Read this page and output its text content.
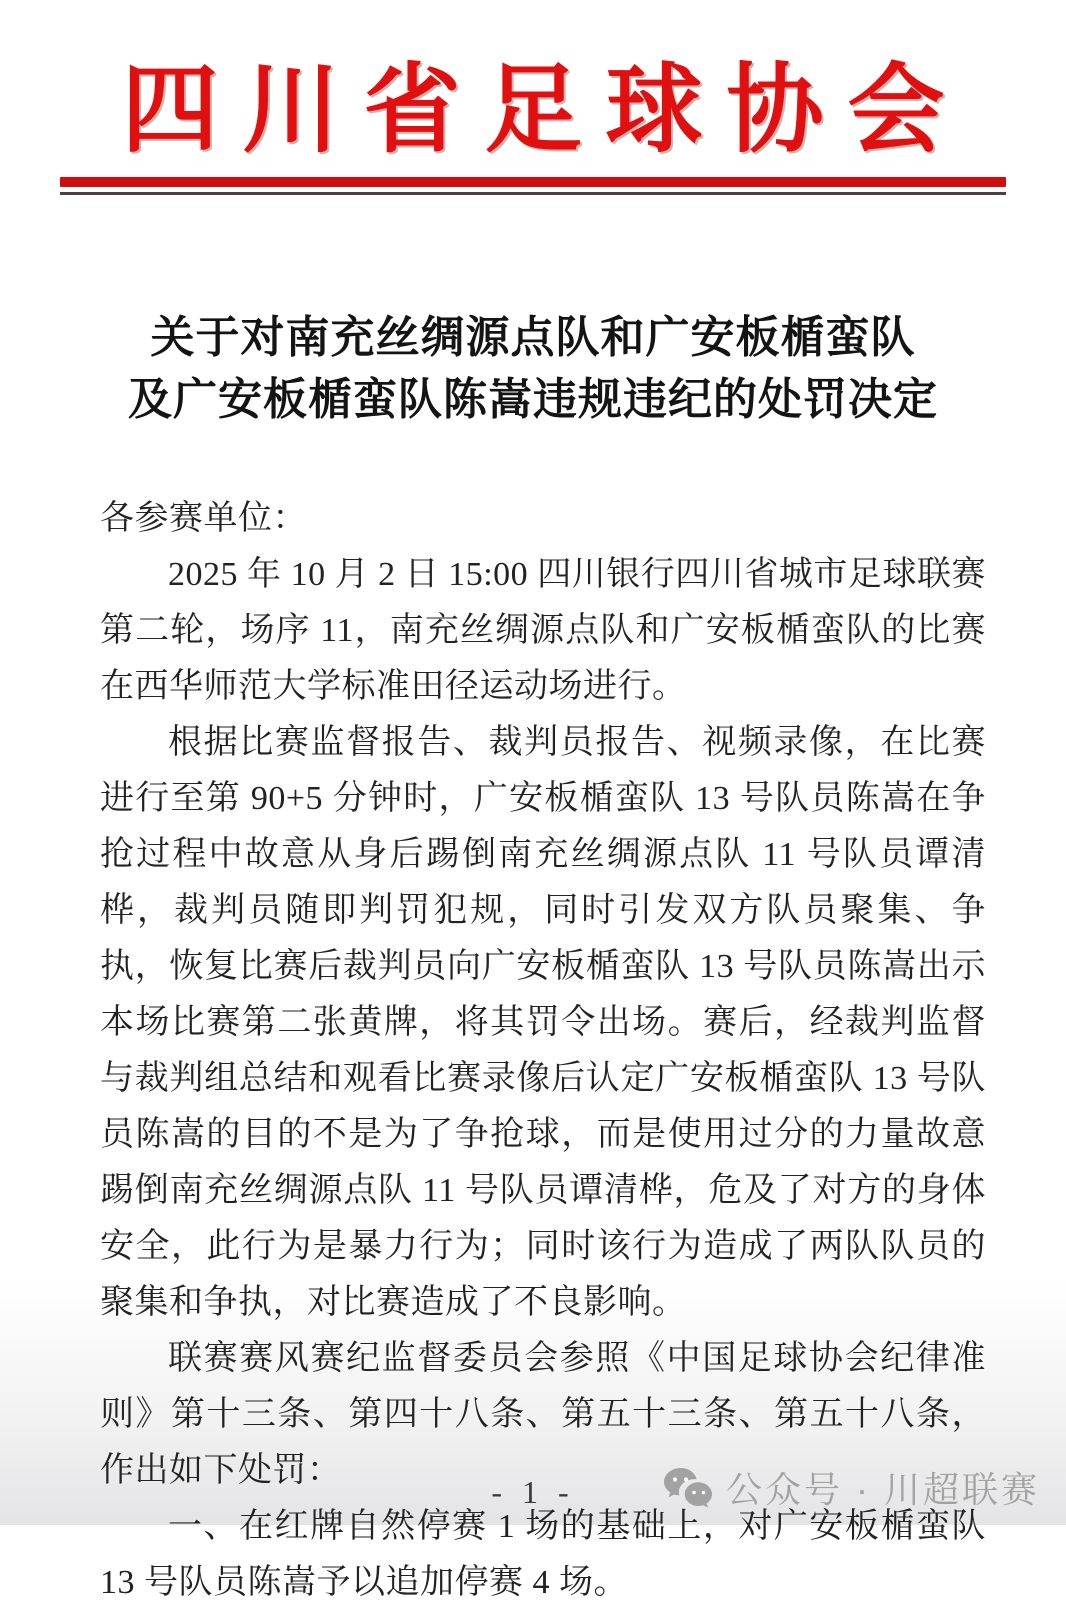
四川省足球协会
关于对南充丝绸源点队和广安板楯蛮队
及广安板楯蛮队陈嵩违规违纪的处罚决定

各参赛单位：

2025 年 10 月 2 日 15:00 四川银行四川省城市足球联赛第二轮，场序 11，南充丝绸源点队和广安板楯蛮队的比赛在西华师范大学标准田径运动场进行。

根据比赛监督报告、裁判员报告、视频录像，在比赛进行至第 90+5 分钟时，广安板楯蛮队 13 号队员陈嵩在争抢过程中故意从身后踢倒南充丝绸源点队 11 号队员谭清桦，裁判员随即判罚犯规，同时引发双方队员聚集、争执，恢复比赛后裁判员向广安板楯蛮队 13 号队员陈嵩出示本场比赛第二张黄牌，将其罚令出场。赛后，经裁判监督与裁判组总结和观看比赛录像后认定广安板楯蛮队 13 号队员陈嵩的目的不是为了争抢球，而是使用过分的力量故意踢倒南充丝绸源点队 11 号队员谭清桦，危及了对方的身体安全，此行为是暴力行为；同时该行为造成了两队队员的聚集和争执，对比赛造成了不良影响。

联赛赛风赛纪监督委员会参照《中国足球协会纪律准则》第十三条、第四十八条、第五十三条、第五十八条，作出如下处罚：

一、在红牌自然停赛 1 场的基础上，对广安板楯蛮队 13 号队员陈嵩予以追加停赛 4 场。

- 1 -	公众号 · 川超联赛
